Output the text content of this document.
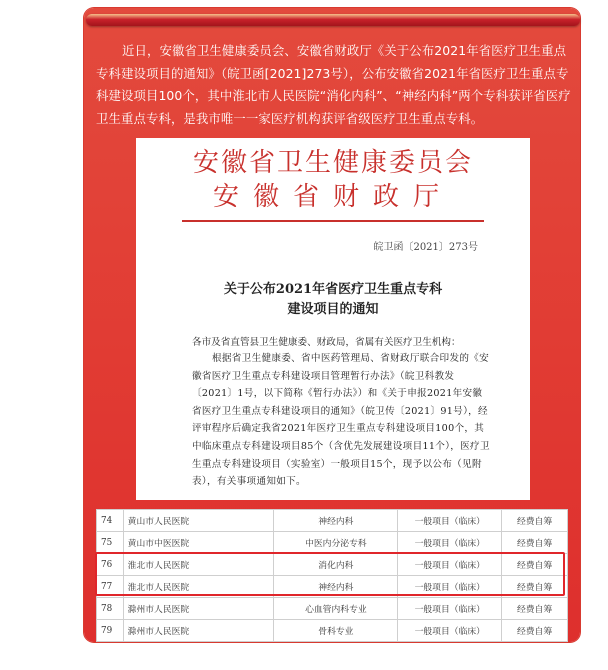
近日，安徽省卫生健康委员会、安徽省财政厅《关于公布2021年省医疗卫生重点专科建设项目的通知》（皖卫函[2021]273号），公布安徽省2021年省医疗卫生重点专科建设项目100个，其中淮北市人民医院“消化内科”、“神经内科”两个专科获评省医疗卫生重点专科，是我市唯一一家医疗机构获评省级医疗卫生重点专科。

安徽省卫生健康委员会
安徽省财政厅
皖卫函〔2021〕273号
关于公布2021年省医疗卫生重点专科
建设项目的通知
各市及省直管县卫生健康委、财政局，省属有关医疗卫生机构：

根据省卫生健康委、省中医药管理局、省财政厅联合印发的《安徽省医疗卫生重点专科建设项目管理暂行办法》（皖卫科教发〔2021〕1号，以下简称《暂行办法》）和《关于申报2021年安徽省医疗卫生重点专科建设项目的通知》（皖卫传〔2021〕91号），经评审程序后确定我省2021年医疗卫生重点专科建设项目100个，其中临床重点专科建设项目85个（含优先发展建设项目11个），医疗卫生重点专科建设项目（实验室）一般项目15个，现予以公布（见附表），有关事项通知如下。

74	黄山市人民医院	神经内科	一般项目（临床）	经费自筹
75	黄山市中医医院	中医内分泌专科	一般项目（临床）	经费自筹
76	淮北市人民医院	消化内科	一般项目（临床）	经费自筹
77	淮北市人民医院	神经内科	一般项目（临床）	经费自筹
78	滁州市人民医院	心血管内科专业	一般项目（临床）	经费自筹
79	滁州市人民医院	骨科专业	一般项目（临床）	经费自筹
